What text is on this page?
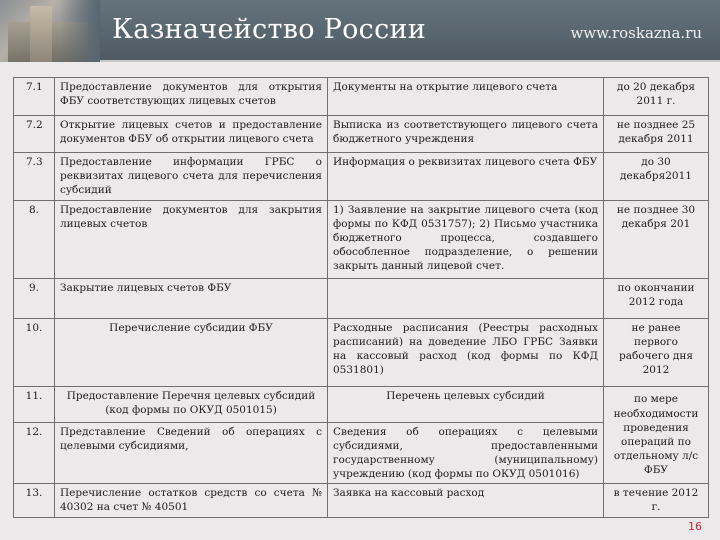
Казначейство России	www.roskazna.ru
7.1	Предоставление документов для открытия ФБУ соответствующих лицевых счетов	Документы на открытие лицевого счета	до 20 декабря 2011 г.
7.2	Открытие лицевых счетов и предоставление документов ФБУ об открытии лицевого счета	Выписка из соответствующего лицевого счета бюджетного учреждения	не позднее 25 декабря 2011
7.3	Предоставление информации ГРБС о реквизитах лицевого счета для перечисления субсидий	Информация о реквизитах лицевого счета ФБУ	до 30 декабря2011
8.	Предоставление документов для закрытия лицевых счетов	1) Заявление на закрытие лицевого счета (код формы по КФД 0531757); 2) Письмо участника бюджетного процесса, создавшего обособленное подразделение, о решении закрыть данный лицевой счет.	не позднее 30 декабря 201
9.	Закрытие лицевых счетов ФБУ		по окончании 2012 года
10.	Перечисление субсидии ФБУ	Расходные расписания (Реестры расходных расписаний) на доведение ЛБО ГРБС Заявки на кассовый расход (код формы по КФД 0531801)	не ранее первого рабочего дня 2012
11.	Предоставление Перечня целевых субсидий (код формы по ОКУД 0501015)	Перечень целевых субсидий	по мере необходимости проведения операций по отдельному л/с ФБУ
12.	Представление Сведений об операциях с целевыми субсидиями,	Сведения об операциях с целевыми субсидиями, предоставленными государственному (муниципальному) учреждению (код формы по ОКУД 0501016)	
13.	Перечисление остатков средств со счета № 40302 на счет № 40501	Заявка на кассовый расход	в течение 2012 г.
16
